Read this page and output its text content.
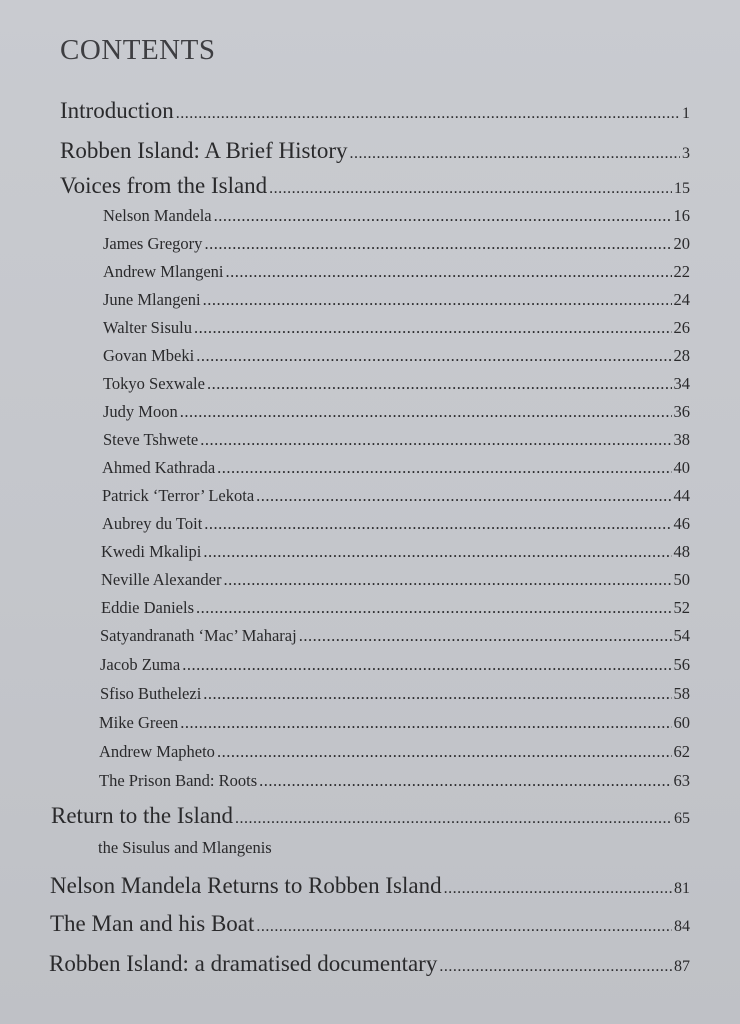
CONTENTS
Introduction .....	1
Robben Island: A Brief History .....	3
Voices from the Island .....	15
Nelson Mandela .....	16
James Gregory .....	20
Andrew Mlangeni .....	22
June Mlangeni .....	24
Walter Sisulu .....	26
Govan Mbeki .....	28
Tokyo Sexwale .....	34
Judy Moon .....	36
Steve Tshwete .....	38
Ahmed Kathrada .....	40
Patrick ‘Terror’ Lekota .....	44
Aubrey du Toit .....	46
Kwedi Mkalipi .....	48
Neville Alexander .....	50
Eddie Daniels .....	52
Satyandranath ‘Mac’ Maharaj .....	54
Jacob Zuma .....	56
Sfiso Buthelezi .....	58
Mike Green .....	60
Andrew Mapheto .....	62
The Prison Band: Roots .....	63
Return to the Island .....	65
the Sisulus and Mlangenis
Nelson Mandela Returns to Robben Island .....	81
The Man and his Boat .....	84
Robben Island: a dramatised documentary .....	87
